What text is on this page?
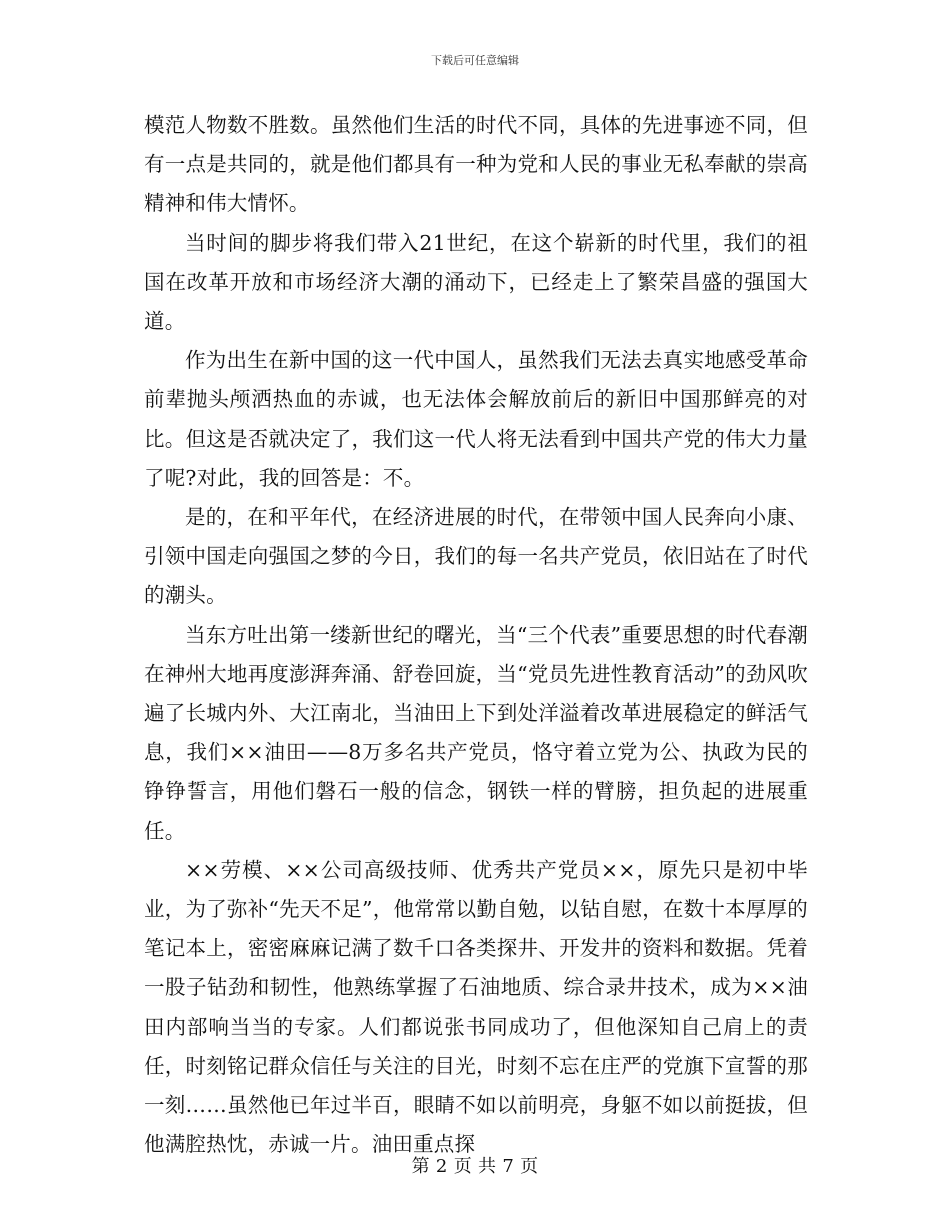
下载后可任意编辑

模范人物数不胜数。虽然他们生活的时代不同，具体的先进事迹不同，但有一点是共同的，就是他们都具有一种为党和人民的事业无私奉献的崇高精神和伟大情怀。

当时间的脚步将我们带入21世纪，在这个崭新的时代里，我们的祖国在改革开放和市场经济大潮的涌动下，已经走上了繁荣昌盛的强国大道。

作为出生在新中国的这一代中国人，虽然我们无法去真实地感受革命前辈抛头颅洒热血的赤诚，也无法体会解放前后的新旧中国那鲜亮的对比。但这是否就决定了，我们这一代人将无法看到中国共产党的伟大力量了呢?对此，我的回答是：不。

是的，在和平年代，在经济进展的时代，在带领中国人民奔向小康、引领中国走向强国之梦的今日，我们的每一名共产党员，依旧站在了时代的潮头。

当东方吐出第一缕新世纪的曙光，当“三个代表”重要思想的时代春潮在神州大地再度澎湃奔涌、舒卷回旋，当“党员先进性教育活动”的劲风吹遍了长城内外、大江南北，当油田上下到处洋溢着改革进展稳定的鲜活气息，我们××油田——8万多名共产党员，恪守着立党为公、执政为民的铮铮誓言，用他们磐石一般的信念，钢铁一样的臂膀，担负起的进展重任。

××劳模、××公司高级技师、优秀共产党员××，原先只是初中毕业，为了弥补“先天不足”，他常常以勤自勉，以钻自慰，在数十本厚厚的笔记本上，密密麻麻记满了数千口各类探井、开发井的资料和数据。凭着一股子钻劲和韧性，他熟练掌握了石油地质、综合录井技术，成为××油田内部响当当的专家。人们都说张书同成功了，但他深知自己肩上的责任，时刻铭记群众信任与关注的目光，时刻不忘在庄严的党旗下宣誓的那一刻……虽然他已年过半百，眼睛不如以前明亮，身躯不如以前挺拔，但他满腔热忱，赤诚一片。油田重点探

第 2 页 共 7 页
